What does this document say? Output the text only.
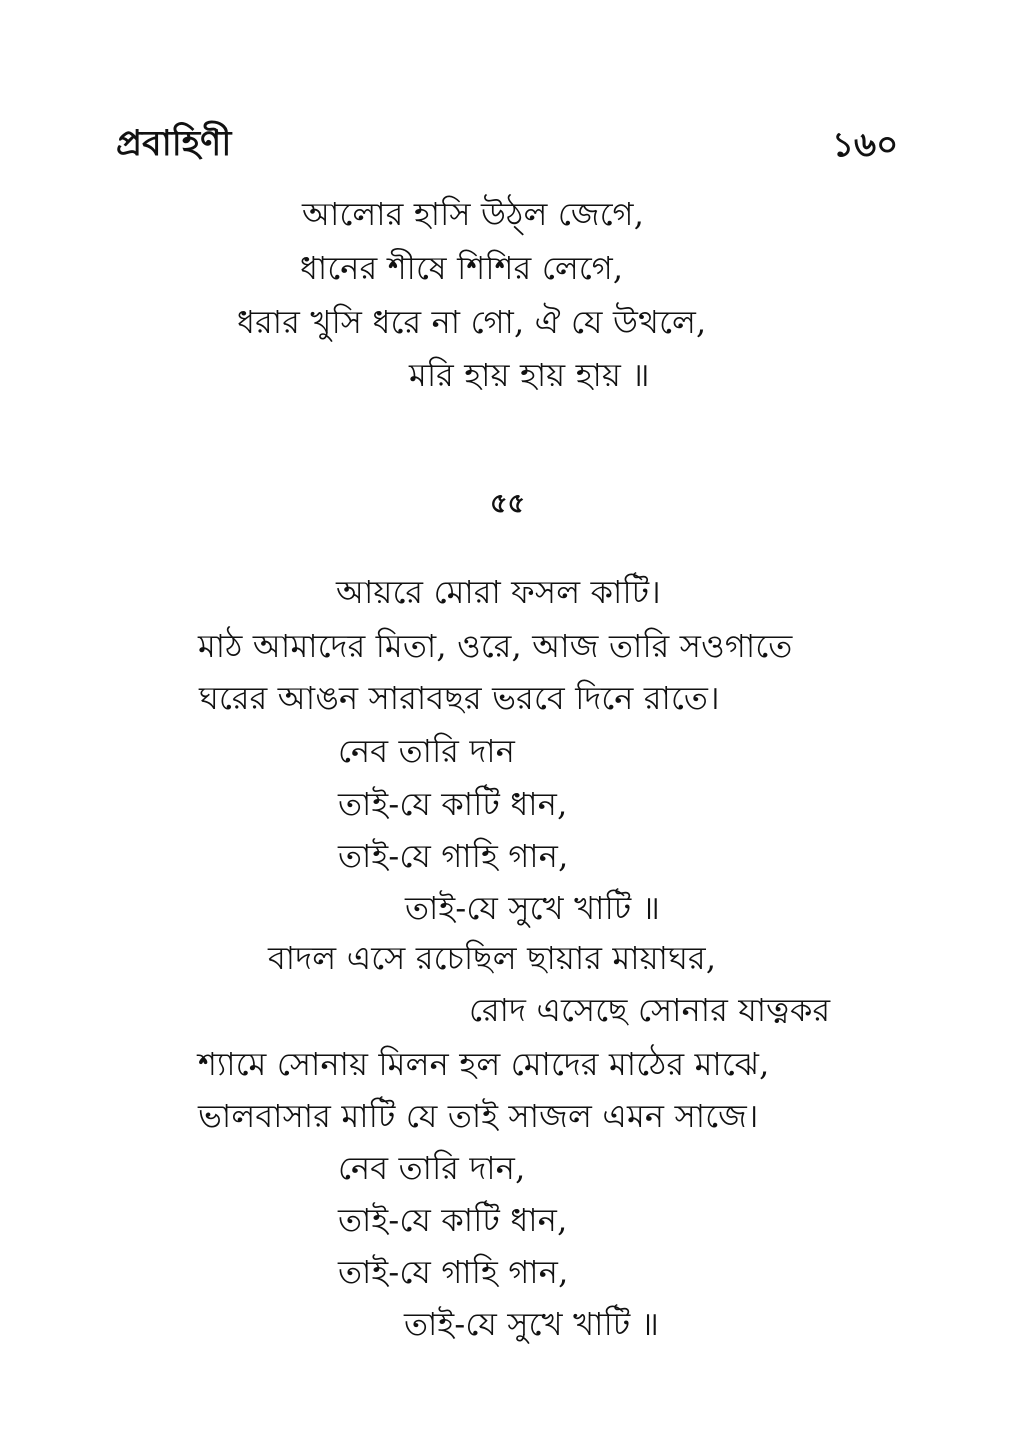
প্রবাহিণী	১৬০
আলোর হাসি উঠ্‌ল জেগে,
ধানের শীষে শিশির লেগে,
ধরার খুসি ধরে না গো, ঐ যে উথলে,
মরি হায় হায় হায় ॥
৫৫
আয়রে মোরা ফসল কাটি।
মাঠ আমাদের মিতা, ওরে, আজ তারি সওগাতে
ঘরের আঙন সারাবছর ভরবে দিনে রাতে।
নেব তারি দান
তাই-যে কাটি ধান,
তাই-যে গাহি গান,
তাই-যে সুখে খাটি ॥
বাদল এসে রচেছিল ছায়ার মায়াঘর,
রোদ এসেছে সোনার যাত্নকর
শ্যামে সোনায় মিলন হল মোদের মাঠের মাঝে,
ভালবাসার মাটি যে তাই সাজল এমন সাজে।
নেব তারি দান,
তাই-যে কাটি ধান,
তাই-যে গাহি গান,
তাই-যে সুখে খাটি ॥
